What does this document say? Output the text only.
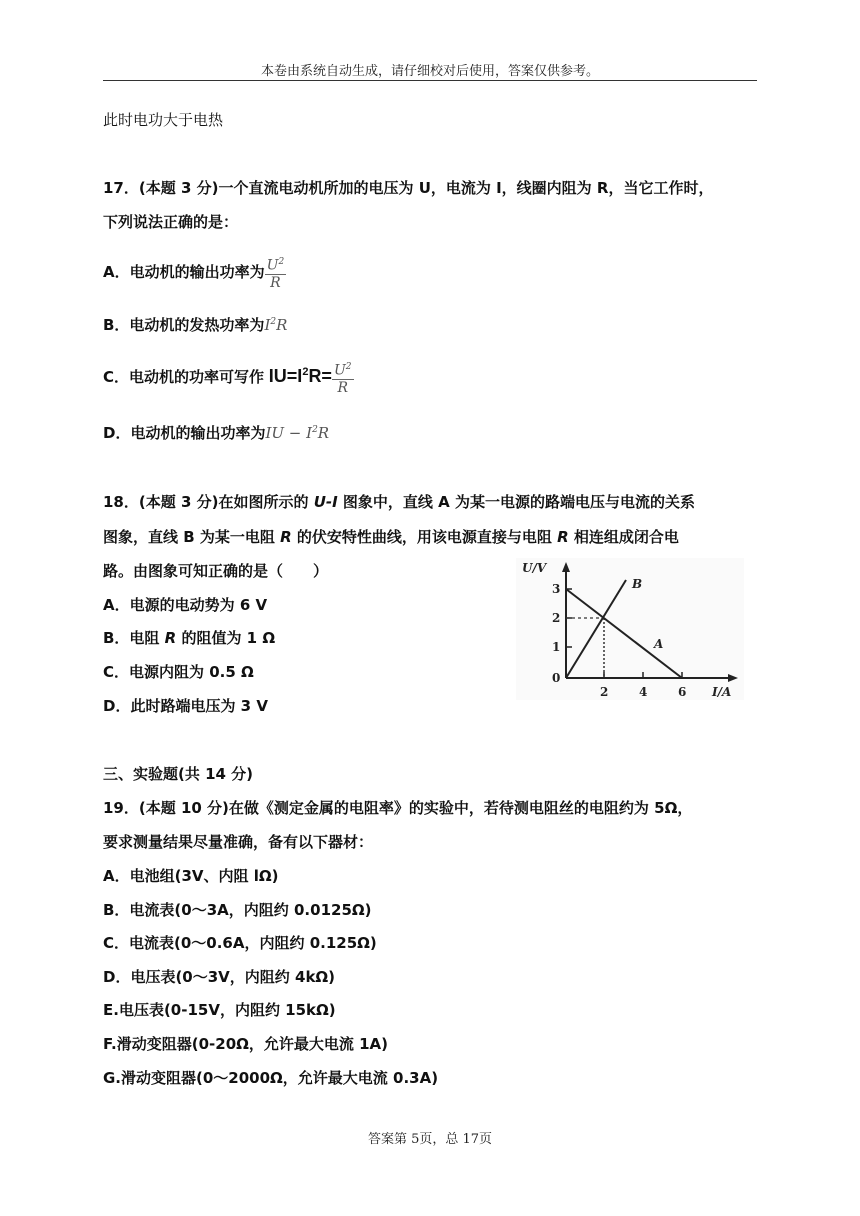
本卷由系统自动生成，请仔细校对后使用，答案仅供参考。
此时电功大于电热
17．(本题 3 分)一个直流电动机所加的电压为 U，电流为 I，线圈内阻为 R，当它工作时，
下列说法正确的是：
A．电动机的输出功率为 $\frac{U^2}{R}$
B．电动机的发热功率为$I^2R$
C．电动机的功率可写作 $IU=I^2R= \frac{U^2}{R}$
D．电动机的输出功率为IU − $I^2R$
18．(本题 3 分)在如图所示的 U-I 图象中，直线 A 为某一电源的路端电压与电流的关系
图象，直线 B 为某一电阻 R 的伏安特性曲线，用该电源直接与电阻 R 相连组成闭合电
路。由图象可知正确的是（　　）
A．电源的电动势为 6 V
B．电阻 R 的阻值为 1 Ω
C．电源内阻为 0.5 Ω
D．此时路端电压为 3 V
U/V
0
1
2
3
2	4	6 I/A
A
B
三、实验题(共 14 分)
19．(本题 10 分)在做《测定金属的电阻率》的实验中，若待测电阻丝的电阻约为 5Ω，
要求测量结果尽量准确，备有以下器材：
A．电池组(3V、内阻 lΩ)
B．电流表(0～3A，内阻约 0.0125Ω)
C．电流表(0～0.6A，内阻约 0.125Ω)
D．电压表(0～3V，内阻约 4kΩ)
E.电压表(0-15V，内阻约 15kΩ)
F.滑动变阻器(0-20Ω，允许最大电流 1A)
G.滑动变阻器(0～2000Ω，允许最大电流 0.3A)
答案第 5页，总 17页
